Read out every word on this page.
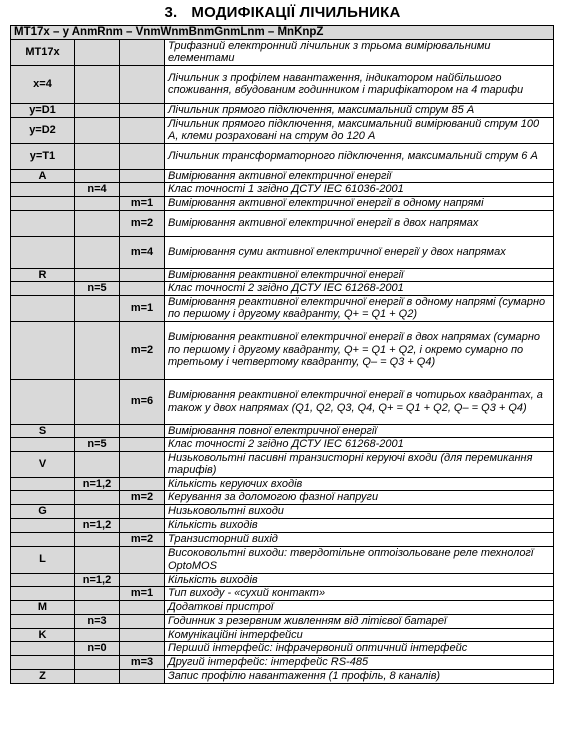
3. МОДИФІКАЦІЇ ЛІЧИЛЬНИКА
MT17x – y AnmRnm – VnmWnmBnmGnmLnm – MnKnpZ			
MT17x			Трифазний електронний лічильник з трьома вимірювальними елементами
x=4			Лічильник з профілем навантаження, індикатором найбільшого споживання, вбудованим годинником і тарифікатором на 4 тарифи
y=D1			Лічильник прямого підключення, максимальний струм 85 A
y=D2			Лічильник прямого підключення, максимальний вимірюваний струм 100 A, клеми розраховані на струм до 120 A
y=T1			Лічильник трансформаторного підключення, максимальний струм 6 A
A			Вимірювання активної електричної енергії
	n=4		Клас точності 1 згідно ДСТУ IEC 61036-2001
		m=1	Вимірювання активної електричної енергії в одному напрямі
		m=2	Вимірювання активної електричної енергії в двох напрямах
		m=4	Вимірювання суми активної електричної енергії у двох напрямах
R			Вимірювання реактивної електричної енергії
	n=5		Клас точності 2 згідно ДСТУ IEC 61268-2001
		m=1	Вимірювання реактивної електричної енергії в одному напрямі (сумарно по першому і другому квадранту, Q+ = Q1 + Q2)
		m=2	Вимірювання реактивної електричної енергії в двох напрямах (сумарно по першому і другому квадранту, Q+ = Q1 + Q2, і окремо сумарно по третьому і четвертому квадранту, Q– = Q3 + Q4)
		m=6	Вимірювання реактивної електричної енергії в чотирьох квадрантах, а також у двох напрямах (Q1, Q2, Q3, Q4, Q+ = Q1 + Q2, Q– = Q3 + Q4)
S			Вимірювання повної електричної енергії
	n=5		Клас точності 2 згідно ДСТУ IEC 61268-2001
V			Низьковольтні пасивні транзисторні керуючі входи (для перемикання тарифів)
	n=1,2		Кількість керуючих входів
		m=2	Керування за доломогою фазної напруги
G			Низьковольтні виходи
	n=1,2		Кількість виходів
		m=2	Транзисторний вихід
L			Високовольтні виходи: твердотільне оптоізольоване реле технологї OptoMOS
	n=1,2		Кількість виходів
		m=1	Тип виходу - «сухий контакт»
M			Додаткові пристрої
	n=3		Годинник з резервним живленням від літієвої батареї
K			Комунікаційні інтерфейси
	n=0		Перший інтерфейс: інфрачервоний оптичний інтерфейс
		m=3	Другий інтерфейс: інтерфейс RS-485
Z			Запис профілю навантаження (1 профіль, 8 каналів)
